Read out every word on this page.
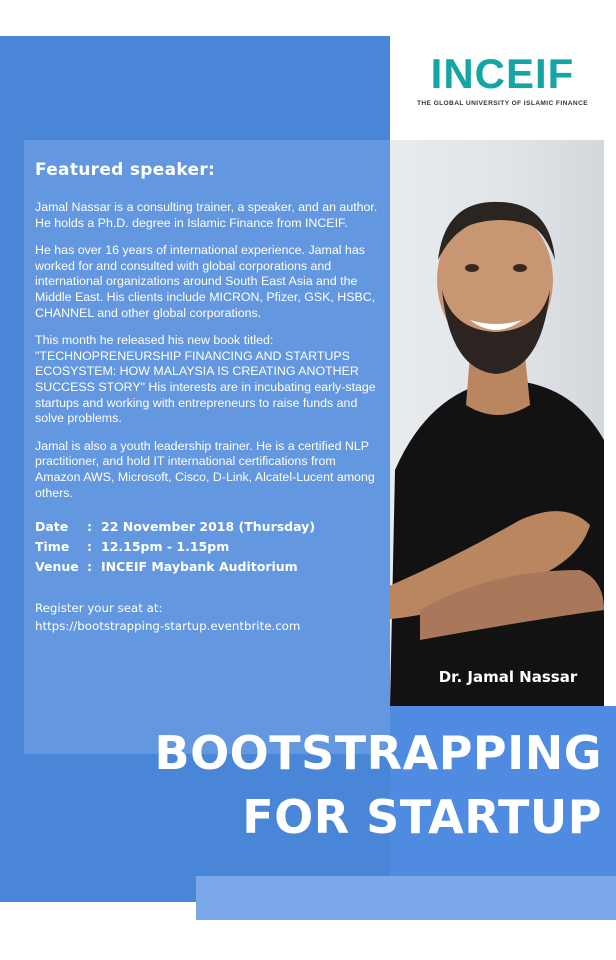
INCEIF
THE GLOBAL UNIVERSITY OF ISLAMIC FINANCE

Featured speaker:

Jamal Nassar is a consulting trainer, a speaker, and an author. He holds a Ph.D. degree in Islamic Finance from INCEIF.

He has over 16 years of international experience. Jamal has worked for and consulted with global corporations and international organizations around South East Asia and the Middle East. His clients include MICRON, Pfizer, GSK, HSBC, CHANNEL and other global corporations.

This month he released his new book titled: "TECHNOPRENEURSHIP FINANCING AND STARTUPS ECOSYSTEM: HOW MALAYSIA IS CREATING ANOTHER SUCCESS STORY" His interests are in incubating early-stage startups and working with entrepreneurs to raise funds and solve problems.

Jamal is also a youth leadership trainer. He is a certified NLP practitioner, and hold IT international certifications from Amazon AWS, Microsoft, Cisco, D-Link, Alcatel-Lucent among others.

Date	: 22 November 2018 (Thursday)
Time	: 12.15pm - 1.15pm
Venue : INCEIF Maybank Auditorium
Register your seat at:
https://bootstrapping-startup.eventbrite.com
Dr. Jamal Nassar
BOOTSTRAPPING
FOR STARTUP
